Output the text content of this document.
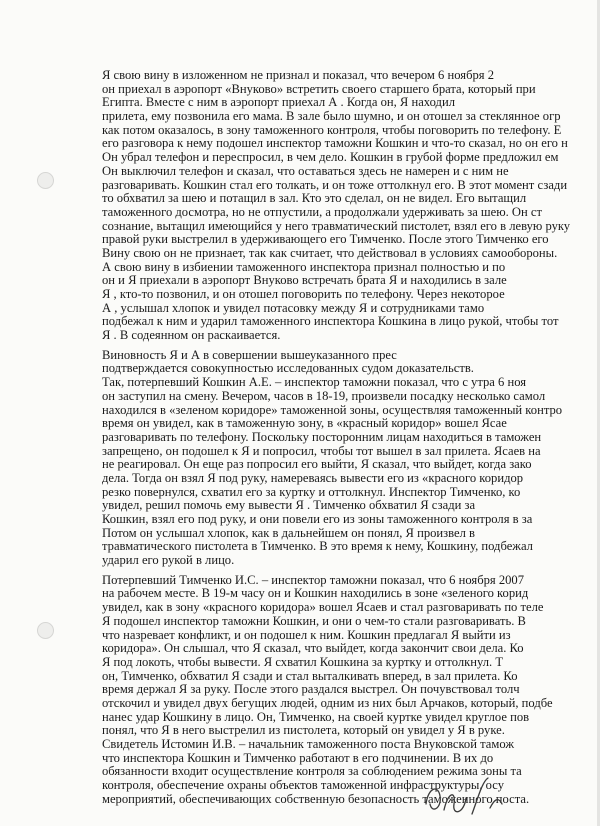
Я свою вину в изложенном не признал и показал, что вечером 6 ноября 2
он приехал в аэропорт «Внуково» встретить своего старшего брата, который при
Египта. Вместе с ним в аэропорт приехал А . Когда он, Я находил
прилета, ему позвонила его мама. В зале было шумно, и он отошел за стеклянное огр
как потом оказалось, в зону таможенного контроля, чтобы поговорить по телефону. Е
его разговора к нему подошел инспектор таможни Кошкин и что-то сказал, но он его н
Он убрал телефон и переспросил, в чем дело. Кошкин в грубой форме предложил ем
Он выключил телефон и сказал, что оставаться здесь не намерен и с ним не
разговаривать. Кошкин стал его толкать, и он тоже оттолкнул его. В этот момент сзади
то обхватил за шею и потащил в зал. Кто это сделал, он не видел. Его вытащил
таможенного досмотра, но не отпустили, а продолжали удерживать за шею. Он ст
сознание, вытащил имеющийся у него травматический пистолет, взял его в левую руку
правой руки выстрелил в удерживающего его Тимченко. После этого Тимченко его
Вину свою он не признает, так как считает, что действовал в условиях самообороны.
А свою вину в избиении таможенного инспектора признал полностью и по
он и Я приехали в аэропорт Внуково встречать брата Я и находились в зале
Я , кто-то позвонил, и он отошел поговорить по телефону. Через некоторое
А , услышал хлопок и увидел потасовку между Я и сотрудниками тамо
подбежал к ним и ударил таможенного инспектора Кошкина в лицо рукой, чтобы тот
Я . В содеянном он раскаивается.
Виновность Я и А в совершении вышеуказанного прес
подтверждается совокупностью исследованных судом доказательств.
Так, потерпевший Кошкин А.Е. – инспектор таможни показал, что с утра 6 ноя
он заступил на смену. Вечером, часов в 18-19, произвели посадку несколько самол
находился в «зеленом коридоре» таможенной зоны, осуществляя таможенный контро
время он увидел, как в таможенную зону, в «красный коридор» вошел Ясае
разговаривать по телефону. Поскольку посторонним лицам находиться в таможен
запрещено, он подошел к Я и попросил, чтобы тот вышел в зал прилета. Ясаев на
не реагировал. Он еще раз попросил его выйти, Я сказал, что выйдет, когда зако
дела. Тогда он взял Я под руку, намереваясь вывести его из «красного коридор
резко повернулся, схватил его за куртку и оттолкнул. Инспектор Тимченко, ко
увидел, решил помочь ему вывести Я . Тимченко обхватил Я сзади за
Кошкин, взял его под руку, и они повели его из зоны таможенного контроля в за
Потом он услышал хлопок, как в дальнейшем он понял, Я произвел в
травматического пистолета в Тимченко. В это время к нему, Кошкину, подбежал
ударил его рукой в лицо.
Потерпевший Тимченко И.С. – инспектор таможни показал, что 6 ноября 2007
на рабочем месте. В 19-м часу он и Кошкин находились в зоне «зеленого корид
увидел, как в зону «красного коридора» вошел Ясаев и стал разговаривать по теле
Я подошел инспектор таможни Кошкин, и они о чем-то стали разговаривать. В
что назревает конфликт, и он подошел к ним. Кошкин предлагал Я выйти из
коридора». Он слышал, что Я сказал, что выйдет, когда закончит свои дела. Ко
Я под локоть, чтобы вывести. Я схватил Кошкина за куртку и оттолкнул. Т
он, Тимченко, обхватил Я сзади и стал выталкивать вперед, в зал прилета. Ко
время держал Я за руку. После этого раздался выстрел. Он почувствовал толч
отскочил и увидел двух бегущих людей, одним из них был Арчаков, который, подбе
нанес удар Кошкину в лицо. Он, Тимченко, на своей куртке увидел круглое пов
понял, что Я в него выстрелил из пистолета, который он увидел у Я в руке.
Свидетель Истомин И.В. – начальник таможенного поста Внуковской тамож
что инспектора Кошкин и Тимченко работают в его подчинении. В их до
обязанности входит осуществление контроля за соблюдением режима зоны та
контроля, обеспечение охраны объектов таможенной инфраструктуры, осу
мероприятий, обеспечивающих собственную безопасность таможенного поста.
